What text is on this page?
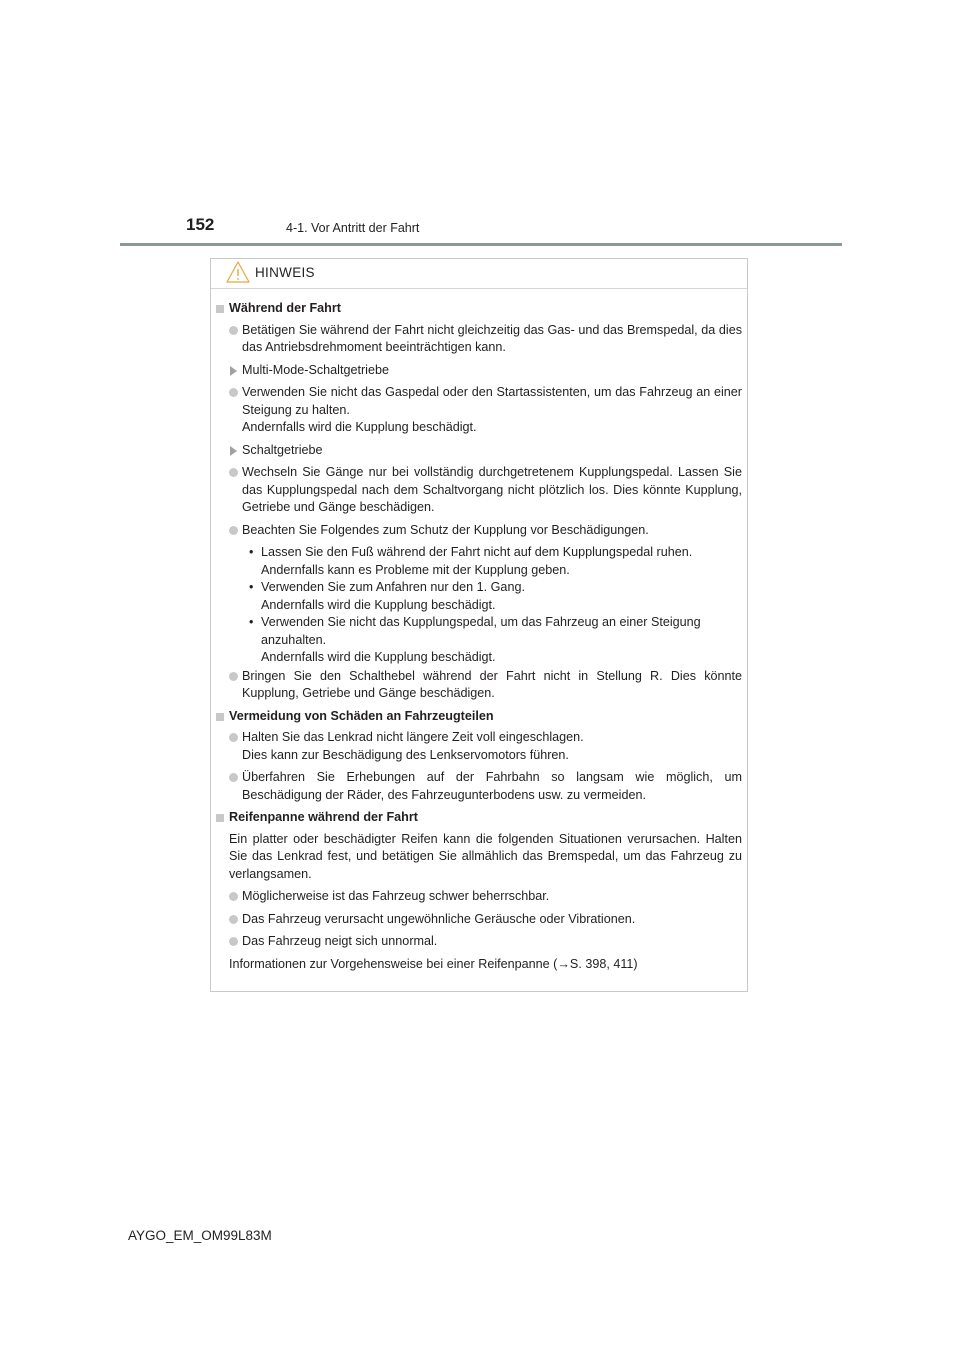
152	4-1. Vor Antritt der Fahrt
HINWEIS

Während der Fahrt

Betätigen Sie während der Fahrt nicht gleichzeitig das Gas- und das Bremspedal, da dies das Antriebsdrehmoment beeinträchtigen kann.

Multi-Mode-Schaltgetriebe

Verwenden Sie nicht das Gaspedal oder den Startassistenten, um das Fahrzeug an einer Steigung zu halten.
Andernfalls wird die Kupplung beschädigt.

Schaltgetriebe

Wechseln Sie Gänge nur bei vollständig durchgetretenem Kupplungspedal. Lassen Sie das Kupplungspedal nach dem Schaltvorgang nicht plötzlich los. Dies könnte Kupplung, Getriebe und Gänge beschädigen.

Beachten Sie Folgendes zum Schutz der Kupplung vor Beschädigungen.

• Lassen Sie den Fuß während der Fahrt nicht auf dem Kupplungspedal ruhen.
Andernfalls kann es Probleme mit der Kupplung geben.

• Verwenden Sie zum Anfahren nur den 1. Gang.
Andernfalls wird die Kupplung beschädigt.

• Verwenden Sie nicht das Kupplungspedal, um das Fahrzeug an einer Steigung anzuhalten.
Andernfalls wird die Kupplung beschädigt.

Bringen Sie den Schalthebel während der Fahrt nicht in Stellung R. Dies könnte Kupplung, Getriebe und Gänge beschädigen.

Vermeidung von Schäden an Fahrzeugteilen

Halten Sie das Lenkrad nicht längere Zeit voll eingeschlagen.
Dies kann zur Beschädigung des Lenkservomotors führen.

Überfahren Sie Erhebungen auf der Fahrbahn so langsam wie möglich, um Beschädigung der Räder, des Fahrzeugunterbodens usw. zu vermeiden.

Reifenpanne während der Fahrt

Ein platter oder beschädigter Reifen kann die folgenden Situationen verursachen. Halten Sie das Lenkrad fest, und betätigen Sie allmählich das Bremspedal, um das Fahrzeug zu verlangsamen.

Möglicherweise ist das Fahrzeug schwer beherrschbar.

Das Fahrzeug verursacht ungewöhnliche Geräusche oder Vibrationen.

Das Fahrzeug neigt sich unnormal.

Informationen zur Vorgehensweise bei einer Reifenpanne (→S. 398, 411)

AYGO_EM_OM99L83M
